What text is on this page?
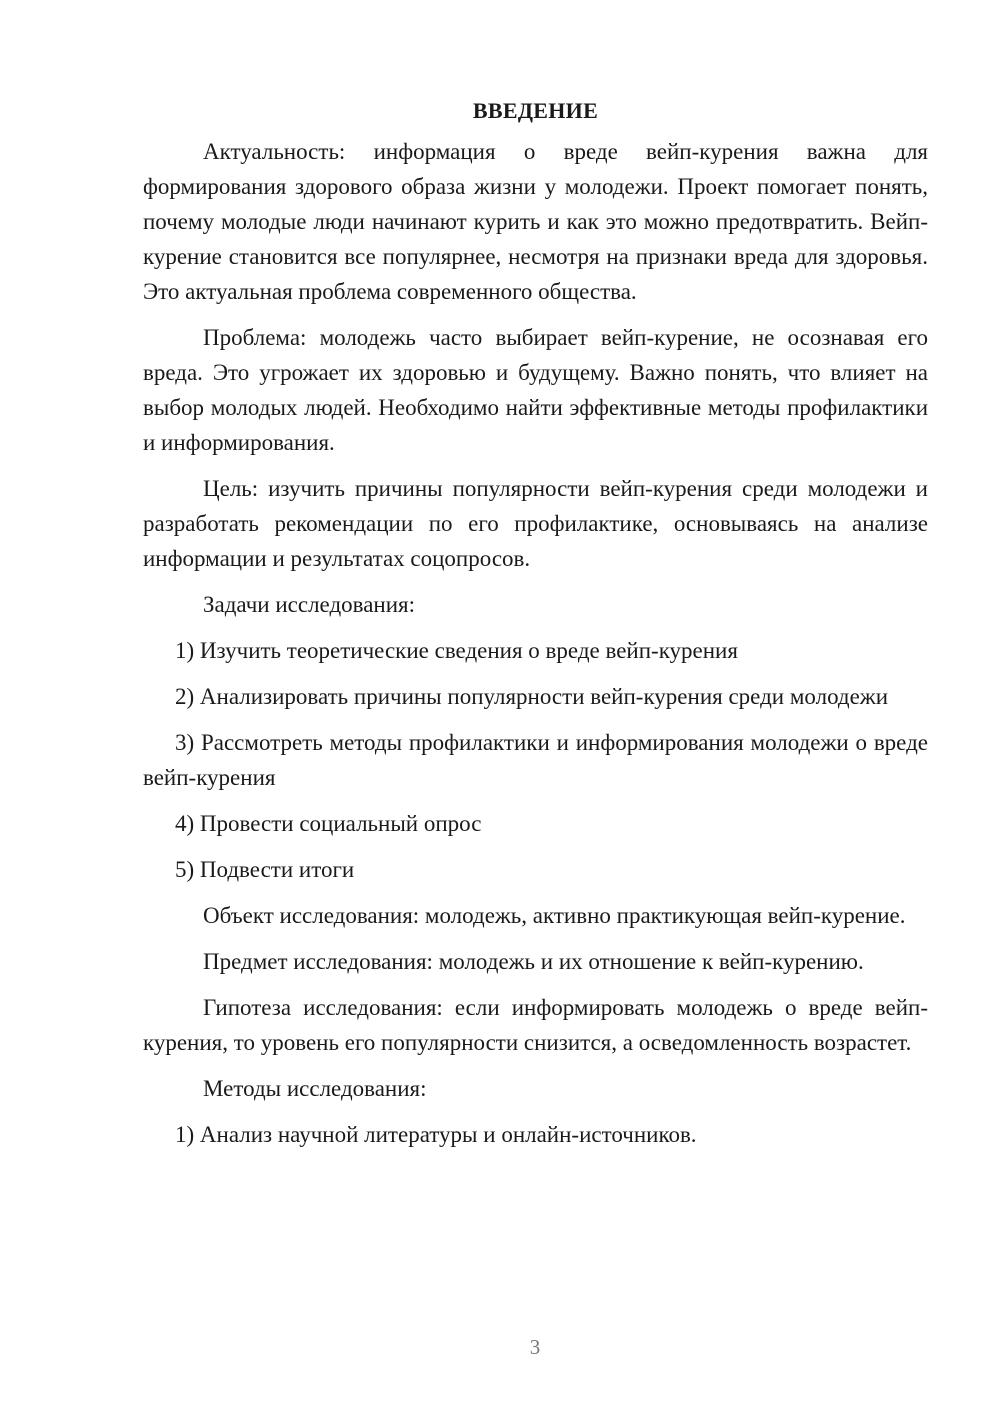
ВВЕДЕНИЕ

Актуальность: информация о вреде вейп-курения важна для формирования здорового образа жизни у молодежи. Проект помогает понять, почему молодые люди начинают курить и как это можно предотвратить. Вейп-курение становится все популярнее, несмотря на признаки вреда для здоровья. Это актуальная проблема современного общества.

Проблема: молодежь часто выбирает вейп-курение, не осознавая его вреда. Это угрожает их здоровью и будущему. Важно понять, что влияет на выбор молодых людей. Необходимо найти эффективные методы профилактики и информирования.

Цель: изучить причины популярности вейп-курения среди молодежи и разработать рекомендации по его профилактике, основываясь на анализе информации и результатах соцопросов.

Задачи исследования:

1) Изучить теоретические сведения о вреде вейп-курения

2) Анализировать причины популярности вейп-курения среди молодежи

3) Рассмотреть методы профилактики и информирования молодежи о вреде вейп-курения

4) Провести социальный опрос

5) Подвести итоги

Объект исследования: молодежь, активно практикующая вейп-курение.

Предмет исследования: молодежь и их отношение к вейп-курению.

Гипотеза исследования: если информировать молодежь о вреде вейп-курения, то уровень его популярности снизится, а осведомленность возрастет.

Методы исследования:

1) Анализ научной литературы и онлайн-источников.

3
